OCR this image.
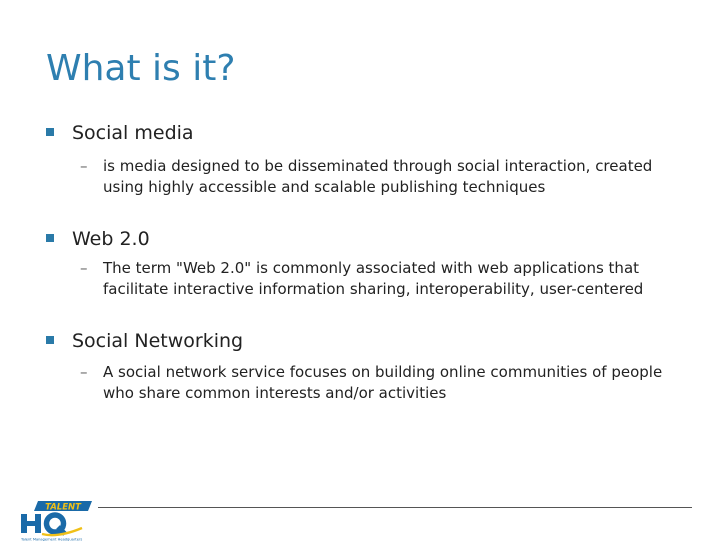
What is it?
Social media
– is media designed to be disseminated through social interaction, created using highly accessible and scalable publishing techniques
Web 2.0
– The term "Web 2.0" is commonly associated with web applications that facilitate interactive information sharing, interoperability, user-centered
Social Networking
– A social network service focuses on building online communities of people who share common interests and/or activities
TALENT
Talent Management Headquarters
